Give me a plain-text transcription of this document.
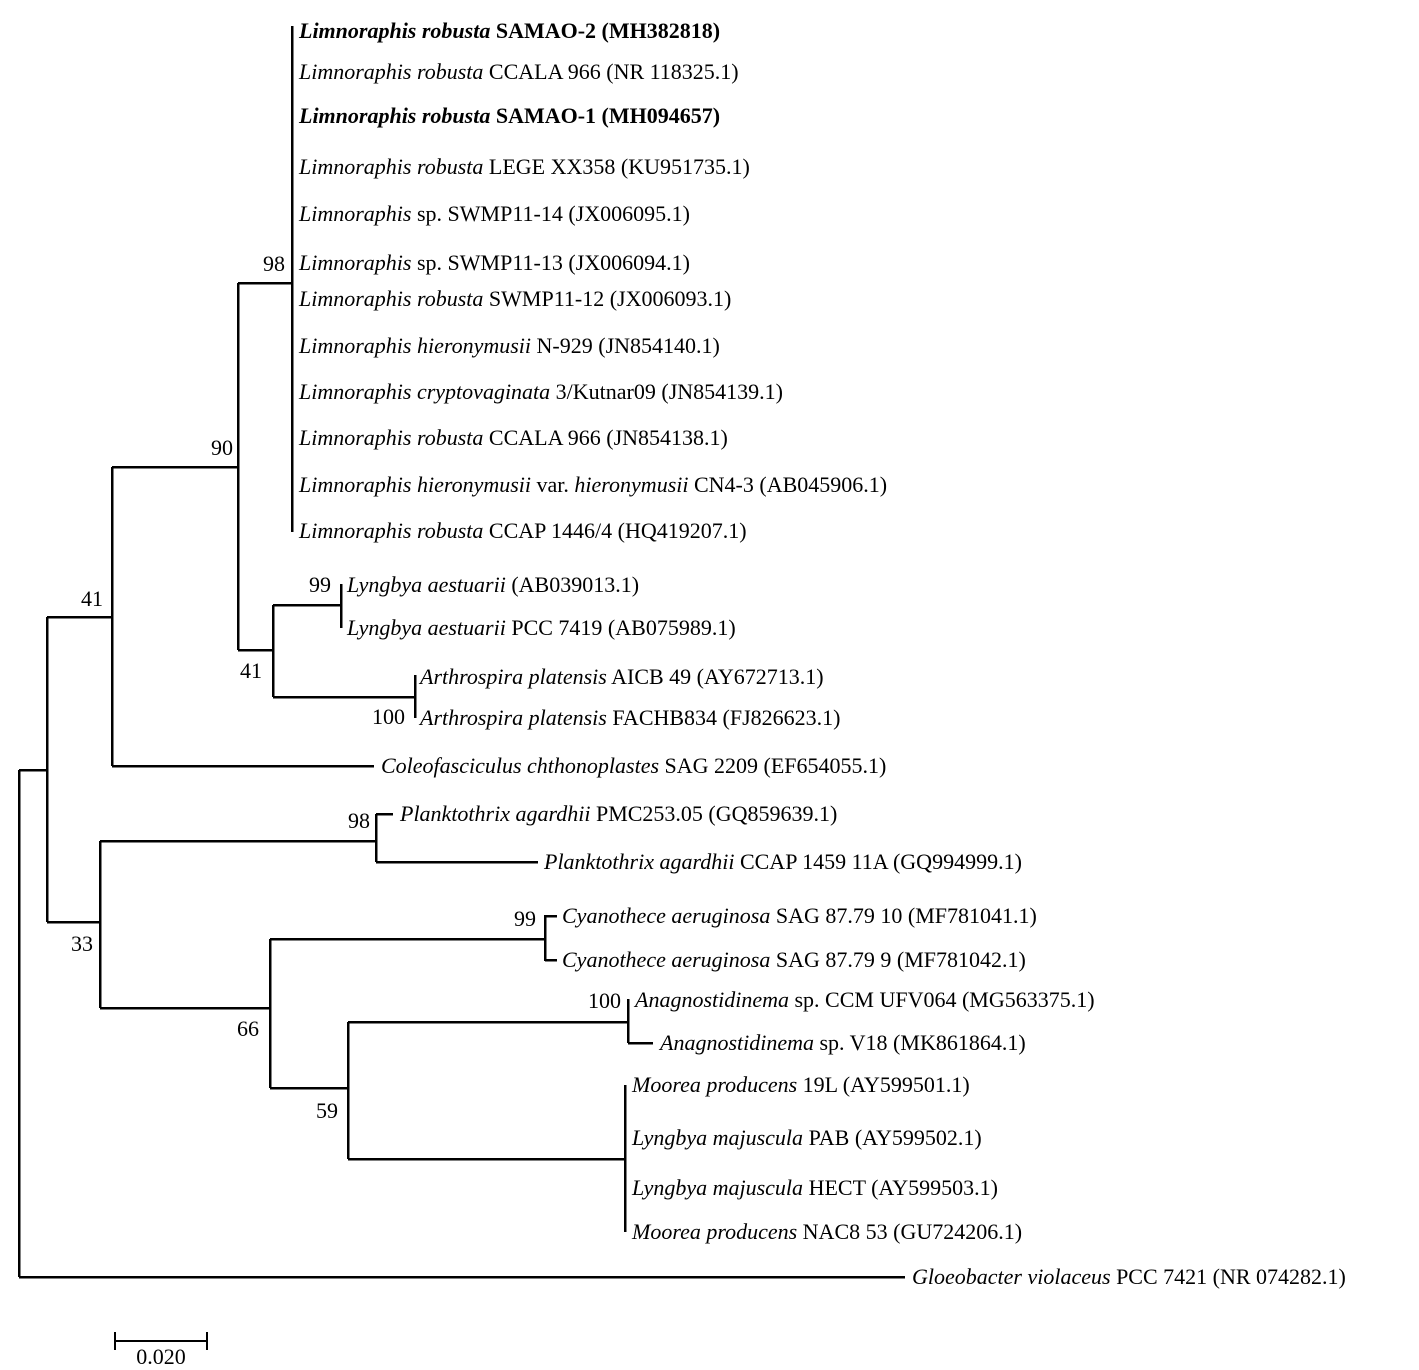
Limnoraphis robusta SAMAO-2 (MH382818)
Limnoraphis robusta CCALA 966 (NR 118325.1)
Limnoraphis robusta SAMAO-1 (MH094657)
Limnoraphis robusta LEGE XX358 (KU951735.1)
Limnoraphis sp. SWMP11-14 (JX006095.1)
Limnoraphis sp. SWMP11-13 (JX006094.1)
Limnoraphis robusta SWMP11-12 (JX006093.1)
Limnoraphis hieronymusii N-929 (JN854140.1)
Limnoraphis cryptovaginata 3/Kutnar09 (JN854139.1)
Limnoraphis robusta CCALA 966 (JN854138.1)
Limnoraphis hieronymusii var. hieronymusii CN4-3 (AB045906.1)
Limnoraphis robusta CCAP 1446/4 (HQ419207.1)
Lyngbya aestuarii (AB039013.1)
Lyngbya aestuarii PCC 7419 (AB075989.1)
Arthrospira platensis AICB 49 (AY672713.1)
Arthrospira platensis FACHB834 (FJ826623.1)
Coleofasciculus chthonoplastes SAG 2209 (EF654055.1)
Planktothrix agardhii PMC253.05 (GQ859639.1)
Planktothrix agardhii CCAP 1459 11A (GQ994999.1)
Cyanothece aeruginosa SAG 87.79 10 (MF781041.1)
Cyanothece aeruginosa SAG 87.79 9 (MF781042.1)
Anagnostidinema sp. CCM UFV064 (MG563375.1)
Anagnostidinema sp. V18 (MK861864.1)
Moorea producens 19L (AY599501.1)
Lyngbya majuscula PAB (AY599502.1)
Lyngbya majuscula HECT (AY599503.1)
Moorea producens NAC8 53 (GU724206.1)
Gloeobacter violaceus PCC 7421 (NR 074282.1)
98
90
41
99
41
100
98
33
99
66
100
59
0.020
